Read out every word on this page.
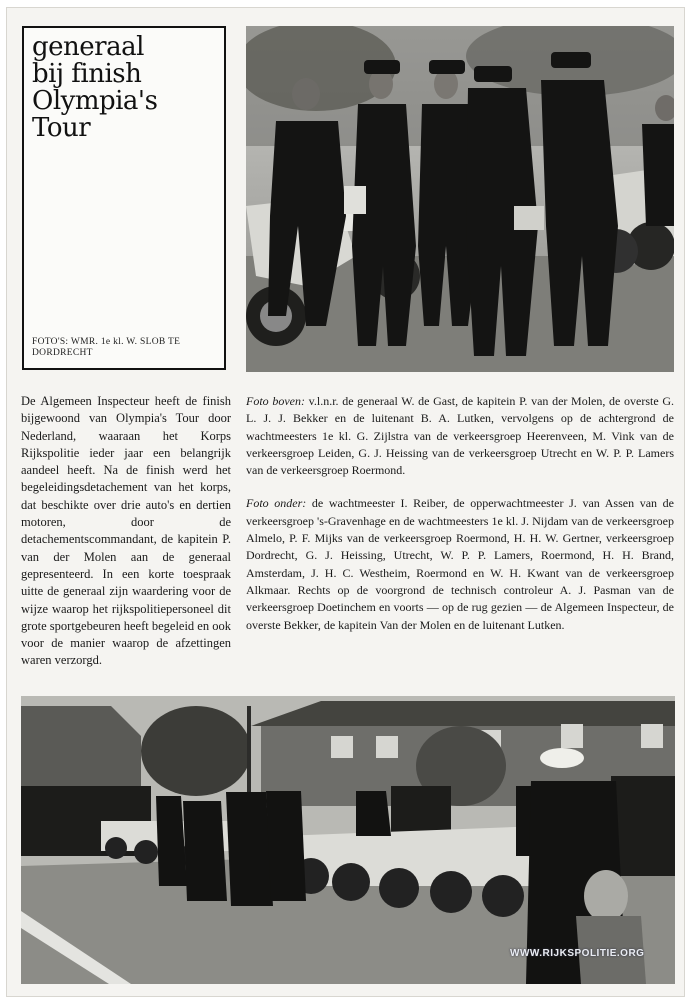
generaal
bij finish
Olympia's
Tour
FOTO'S: WMR. 1e kl. W. SLOB TE DORDRECHT
De Algemeen Inspecteur heeft de finish bijgewoond van Olympia's Tour door Nederland, waaraan het Korps Rijkspolitie ieder jaar een belangrijk aandeel heeft. Na de finish werd het begeleidingsdetachement van het korps, dat beschikte over drie auto's en dertien motoren, door de detachementscommandant, de kapitein P. van der Molen aan de generaal gepresenteerd. In een korte toespraak uitte de generaal zijn waardering voor de wijze waarop het rijkspolitiepersoneel dit grote sportgebeuren heeft begeleid en ook voor de manier waarop de afzettingen waren verzorgd.

Foto boven: v.l.n.r. de generaal W. de Gast, de kapitein P. van der Molen, de overste G. L. J. J. Bekker en de luitenant B. A. Lutken, vervolgens op de achtergrond de wachtmeesters 1e kl. G. Zijlstra van de verkeersgroep Heerenveen, M. Vink van de verkeersgroep Leiden, G. J. Heissing van de verkeersgroep Utrecht en W. P. P. Lamers van de verkeersgroep Roermond.

Foto onder: de wachtmeester I. Reiber, de opperwachtmeester J. van Assen van de verkeersgroep 's-Gravenhage en de wachtmeesters 1e kl. J. Nijdam van de verkeersgroep Almelo, P. F. Mijks van de verkeersgroep Roermond, H. H. W. Gertner, verkeersgroep Dordrecht, G. J. Heissing, Utrecht, W. P. P. Lamers, Roermond, H. H. Brand, Amsterdam, J. H. C. Westheim, Roermond en W. H. Kwant van de verkeersgroep Alkmaar. Rechts op de voorgrond de technisch controleur A. J. Pasman van de verkeersgroep Doetinchem en voorts — op de rug gezien — de Algemeen Inspecteur, de overste Bekker, de kapitein Van der Molen en de luitenant Lutken.

WWW.RIJKSPOLITIE.ORG
